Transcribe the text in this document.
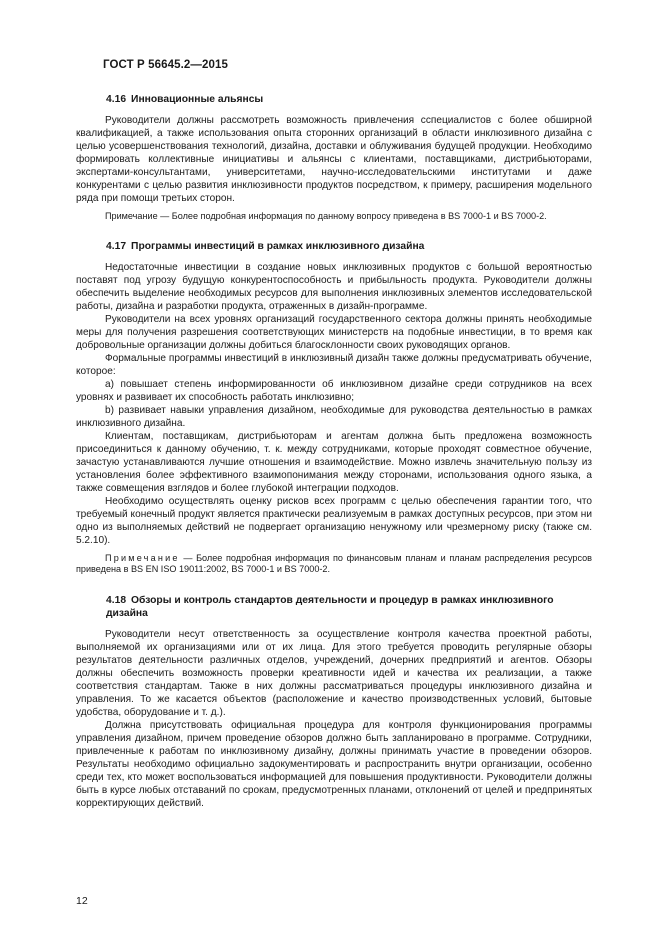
ГОСТ Р 56645.2—2015
4.16 Инновационные альянсы

Руководители должны рассмотреть возможность привлечения сспециалистов с более обширной квалификацией, а также использования опыта сторонних организаций в области инклюзивного дизайна с целью усовершенствования технологий, дизайна, доставки и облуживания будущей продукции. Необходимо формировать коллективные инициативы и альянсы с клиентами, поставщиками, дистрибьюторами, экспертами-консультантами, университетами, научно-исследовательскими институтами и даже конкурентами с целью развития инклюзивности продуктов посредством, к примеру, расширения модельного ряда при помощи третьих сторон.

Примечание — Более подробная информация по данному вопросу приведена в BS 7000-1 и BS 7000-2.

4.17 Программы инвестиций в рамках инклюзивного дизайна

Недостаточные инвестиции в создание новых инклюзивных продуктов с большой вероятностью поставят под угрозу будущую конкурентоспособность и прибыльность продукта. Руководители должны обеспечить выделение необходимых ресурсов для выполнения инклюзивных элементов исследовательской работы, дизайна и разработки продукта, отраженных в дизайн-программе.

Руководители на всех уровнях организаций государственного сектора должны принять необходимые меры для получения разрешения соответствующих министерств на подобные инвестиции, в то время как добровольные организации должны добиться благосклонности своих руководящих органов.

Формальные программы инвестиций в инклюзивный дизайн также должны предусматривать обучение, которое:

a) повышает степень информированности об инклюзивном дизайне среди сотрудников на всех уровнях и развивает их способность работать инклюзивно;

b) развивает навыки управления дизайном, необходимые для руководства деятельностью в рамках инклюзивного дизайна.

Клиентам, поставщикам, дистрибьюторам и агентам должна быть предложена возможность присоединиться к данному обучению, т. к. между сотрудниками, которые проходят совместное обучение, зачастую устанавливаются лучшие отношения и взаимодействие. Можно извлечь значительную пользу из установления более эффективного взаимопонимания между сторонами, использования одного языка, а также совмещения взглядов и более глубокой интеграции подходов.

Необходимо осуществлять оценку рисков всех программ с целью обеспечения гарантии того, что требуемый конечный продукт является практически реализуемым в рамках доступных ресурсов, при этом ни одно из выполняемых действий не подвергает организацию ненужному или чрезмерному риску (также см. 5.2.10).

Примечание — Более подробная информация по финансовым планам и планам распределения ресурсов приведена в BS EN ISO 19011:2002, BS 7000-1 и BS 7000-2.

4.18 Обзоры и контроль стандартов деятельности и процедур в рамках инклюзивного дизайна

Руководители несут ответственность за осуществление контроля качества проектной работы, выполняемой их организациями или от их лица. Для этого требуется проводить регулярные обзоры результатов деятельности различных отделов, учреждений, дочерних предприятий и агентов. Обзоры должны обеспечить возможность проверки креативности идей и качества их реализации, а также соответствия стандартам. Также в них должны рассматриваться процедуры инклюзивного дизайна и управления. То же касается объектов (расположение и качество производственных условий, бытовые удобства, оборудование и т. д.).

Должна присутствовать официальная процедура для контроля функционирования программы управления дизайном, причем проведение обзоров должно быть запланировано в программе. Сотрудники, привлеченные к работам по инклюзивному дизайну, должны принимать участие в проведении обзоров. Результаты необходимо официально задокументировать и распространить внутри организации, особенно среди тех, кто может воспользоваться информацией для повышения продуктивности. Руководители должны быть в курсе любых отставаний по срокам, предусмотренных планами, отклонений от целей и предпринятых корректирующих действий.

12
